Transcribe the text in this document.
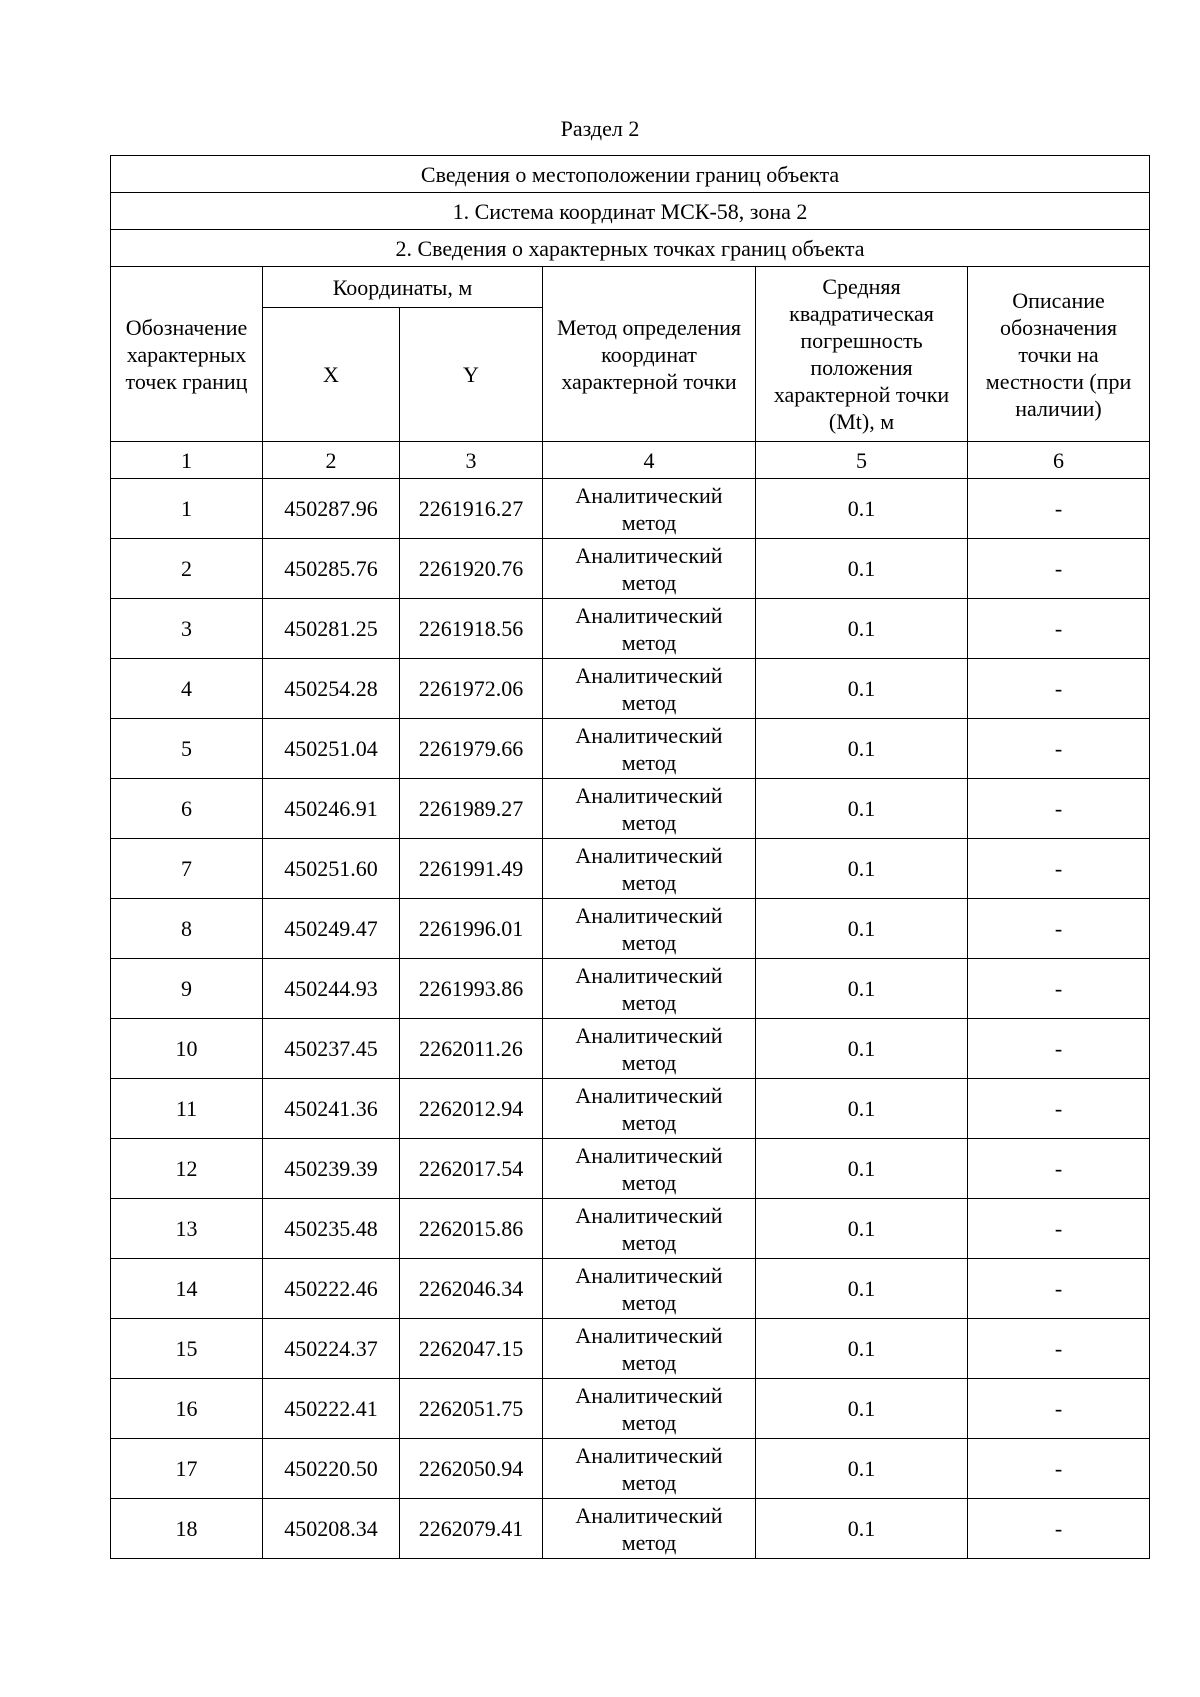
Раздел 2
Сведения о местоположении границ объекта					
1. Система координат МСК-58, зона 2					
2. Сведения о характерных точках границ объекта					
Обозначение характерных точек границ	Координаты, м		Метод определения координат характерной точки	Средняя квадратическая погрешность положения характерной точки (Mt), м	Описание обозначения точки на местности (при наличии)
	X	Y			
1	2	3	4	5	6
1	450287.96	2261916.27	Аналитический метод	0.1	-
2	450285.76	2261920.76	Аналитический метод	0.1	-
3	450281.25	2261918.56	Аналитический метод	0.1	-
4	450254.28	2261972.06	Аналитический метод	0.1	-
5	450251.04	2261979.66	Аналитический метод	0.1	-
6	450246.91	2261989.27	Аналитический метод	0.1	-
7	450251.60	2261991.49	Аналитический метод	0.1	-
8	450249.47	2261996.01	Аналитический метод	0.1	-
9	450244.93	2261993.86	Аналитический метод	0.1	-
10	450237.45	2262011.26	Аналитический метод	0.1	-
11	450241.36	2262012.94	Аналитический метод	0.1	-
12	450239.39	2262017.54	Аналитический метод	0.1	-
13	450235.48	2262015.86	Аналитический метод	0.1	-
14	450222.46	2262046.34	Аналитический метод	0.1	-
15	450224.37	2262047.15	Аналитический метод	0.1	-
16	450222.41	2262051.75	Аналитический метод	0.1	-
17	450220.50	2262050.94	Аналитический метод	0.1	-
18	450208.34	2262079.41	Аналитический метод	0.1	-
